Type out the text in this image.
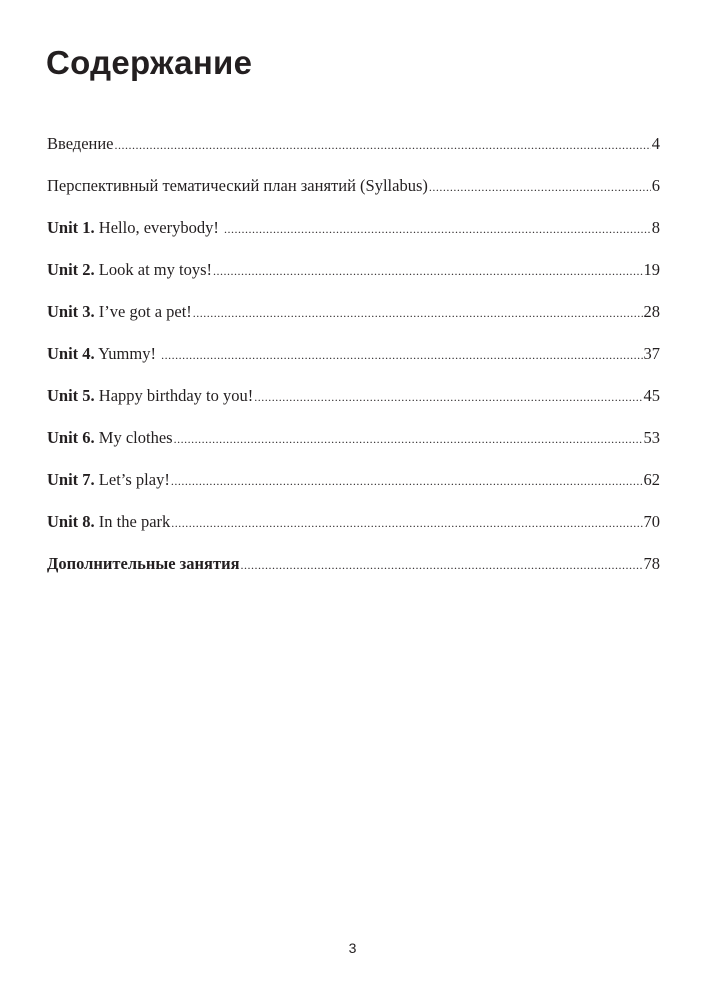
Содержание
Введение .....	4
Перспективный тематический план занятий (Syllabus) .....	6
Unit 1. Hello, everybody! .....	8
Unit 2. Look at my toys! .....	19
Unit 3. I’ve got a pet! .....	28
Unit 4. Yummy! .....	37
Unit 5. Happy birthday to you! .....	45
Unit 6. My clothes .....	53
Unit 7. Let’s play! .....	62
Unit 8. In the park .....	70
Дополнительные занятия .....	78
3
